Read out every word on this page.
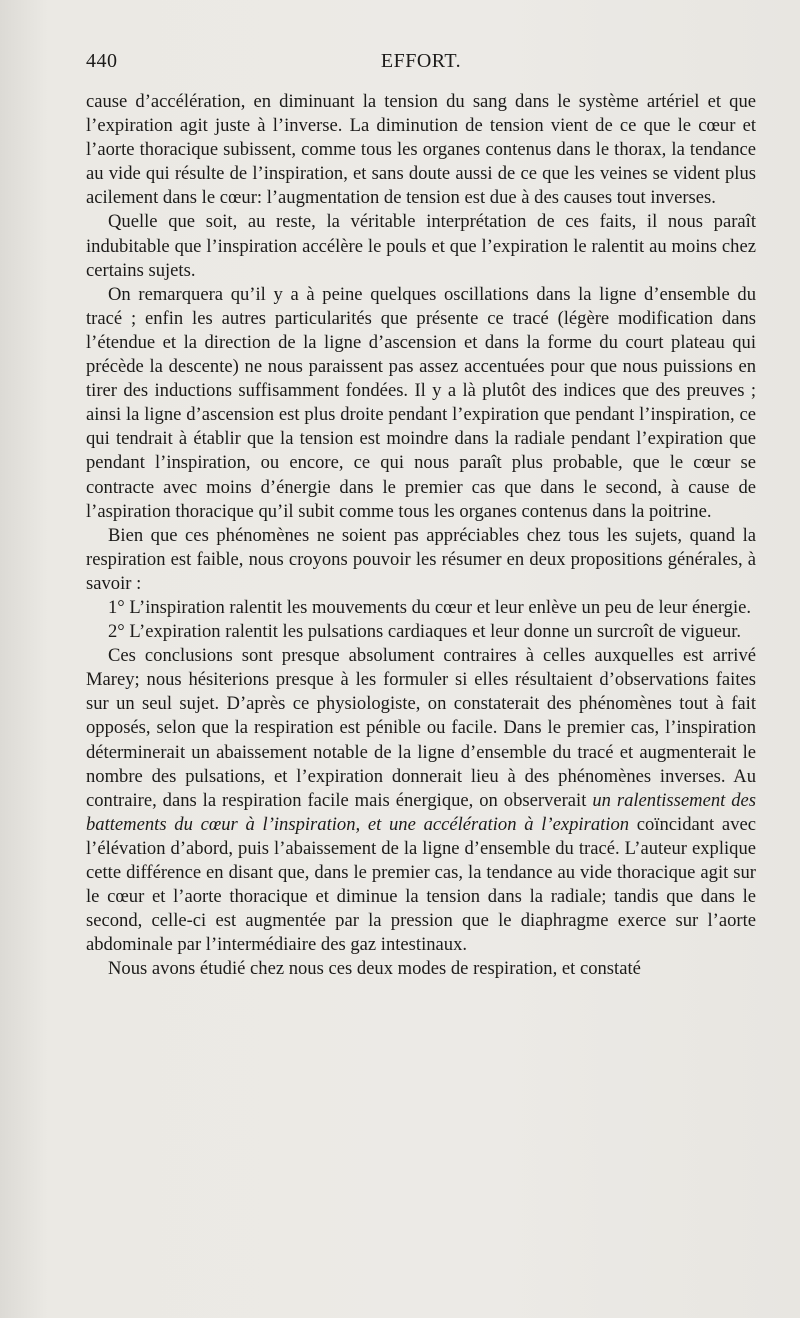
440	EFFORT.

cause d’accélération, en diminuant la tension du sang dans le système artériel et que l’expiration agit juste à l’inverse. La diminution de tension vient de ce que le cœur et l’aorte thoracique subissent, comme tous les organes contenus dans le thorax, la tendance au vide qui résulte de l’inspiration, et sans doute aussi de ce que les veines se vident plus acilement dans le cœur: l’augmentation de tension est due à des causes tout inverses.

Quelle que soit, au reste, la véritable interprétation de ces faits, il nous paraît indubitable que l’inspiration accélère le pouls et que l’expiration le ralentit au moins chez certains sujets.

On remarquera qu’il y a à peine quelques oscillations dans la ligne d’ensemble du tracé ; enfin les autres particularités que présente ce tracé (légère modification dans l’étendue et la direction de la ligne d’ascension et dans la forme du court plateau qui précède la descente) ne nous paraissent pas assez accentuées pour que nous puissions en tirer des inductions suffisamment fondées. Il y a là plutôt des indices que des preuves ; ainsi la ligne d’ascension est plus droite pendant l’expiration que pendant l’inspiration, ce qui tendrait à établir que la tension est moindre dans la radiale pendant l’expiration que pendant l’inspiration, ou encore, ce qui nous paraît plus probable, que le cœur se contracte avec moins d’énergie dans le premier cas que dans le second, à cause de l’aspiration thoracique qu’il subit comme tous les organes contenus dans la poitrine.

Bien que ces phénomènes ne soient pas appréciables chez tous les sujets, quand la respiration est faible, nous croyons pouvoir les résumer en deux propositions générales, à savoir :

1° L’inspiration ralentit les mouvements du cœur et leur enlève un peu de leur énergie.

2° L’expiration ralentit les pulsations cardiaques et leur donne un surcroît de vigueur.

Ces conclusions sont presque absolument contraires à celles auxquelles est arrivé Marey; nous hésiterions presque à les formuler si elles résultaient d’observations faites sur un seul sujet. D’après ce physiologiste, on constaterait des phénomènes tout à fait opposés, selon que la respiration est pénible ou facile. Dans le premier cas, l’inspiration déterminerait un abaissement notable de la ligne d’ensemble du tracé et augmenterait le nombre des pulsations, et l’expiration donnerait lieu à des phénomènes inverses. Au contraire, dans la respiration facile mais énergique, on observerait un ralentissement des battements du cœur à l’inspiration, et une accélération à l’expiration coïncidant avec l’élévation d’abord, puis l’abaissement de la ligne d’ensemble du tracé. L’auteur explique cette différence en disant que, dans le premier cas, la tendance au vide thoracique agit sur le cœur et l’aorte thoracique et diminue la tension dans la radiale; tandis que dans le second, celle-ci est augmentée par la pression que le diaphragme exerce sur l’aorte abdominale par l’intermédiaire des gaz intestinaux.

Nous avons étudié chez nous ces deux modes de respiration, et constaté
